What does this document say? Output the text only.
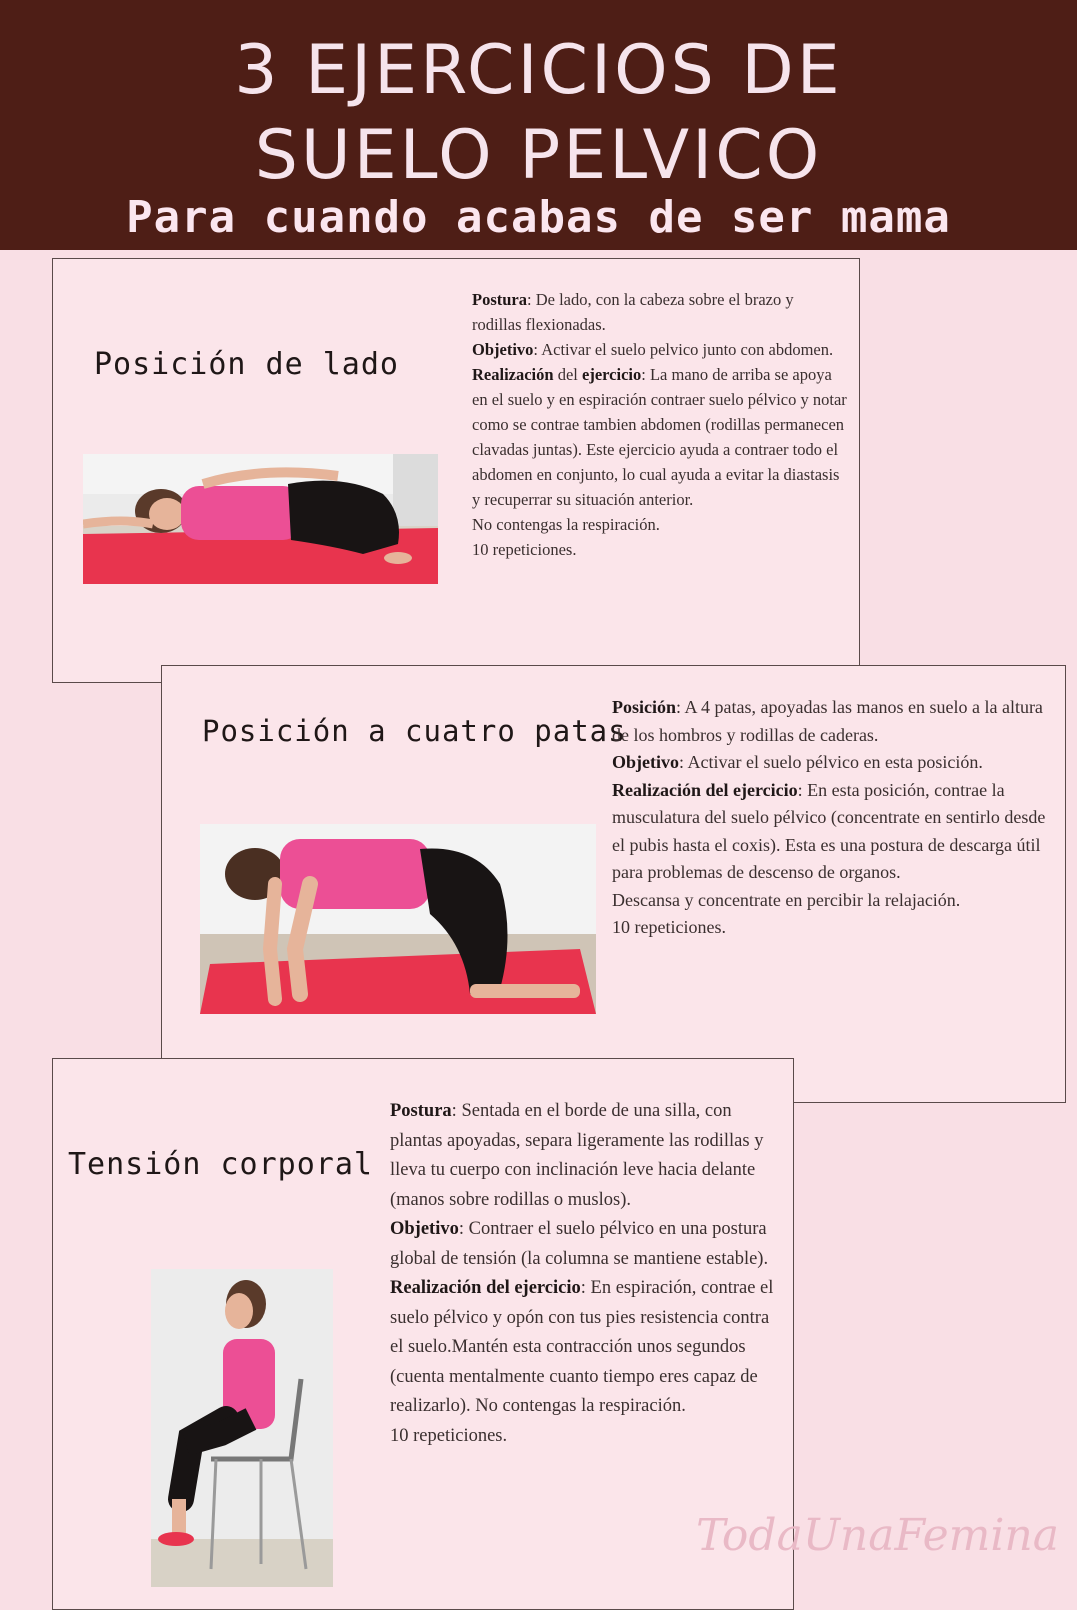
3 EJERCICIOS DE
SUELO PELVICO
Para cuando acabas de ser mama
Posición de lado

Postura: De lado, con la cabeza sobre el brazo y rodillas flexionadas.

Objetivo: Activar el suelo pelvico junto con abdomen.

Realización del ejercicio: La mano de arriba se apoya en el suelo y en espiración contraer suelo pélvico y notar como se contrae tambien abdomen (rodillas permanecen clavadas juntas). Este ejercicio ayuda a contraer todo el abdomen en conjunto, lo cual ayuda a evitar la diastasis y recuperrar su situación anterior.

No contengas la respiración.

10 repeticiones.

Posición a cuatro patas

Posición: A 4 patas, apoyadas las manos en suelo a la altura de los hombros y rodillas de caderas.

Objetivo: Activar el suelo pélvico en esta posición.

Realización del ejercicio: En esta posición, contrae la musculatura del suelo pélvico (concentrate en sentirlo desde el pubis hasta el coxis). Esta es una postura de descarga útil para problemas de descenso de organos.

Descansa y concentrate en percibir la relajación.

10 repeticiones.

Tensión corporal

Postura: Sentada en el borde de una silla, con plantas apoyadas, separa ligeramente las rodillas y lleva tu cuerpo con inclinación leve hacia delante (manos sobre rodillas o muslos).

Objetivo: Contraer el suelo pélvico en una postura global de tensión (la columna se mantiene estable).

Realización del ejercicio: En espiración, contrae el suelo pélvico y opón con tus pies resistencia contra el suelo.Mantén esta contracción unos segundos (cuenta mentalmente cuanto tiempo eres capaz de realizarlo). No contengas la respiración.

10 repeticiones.

TodaUnaFemina
